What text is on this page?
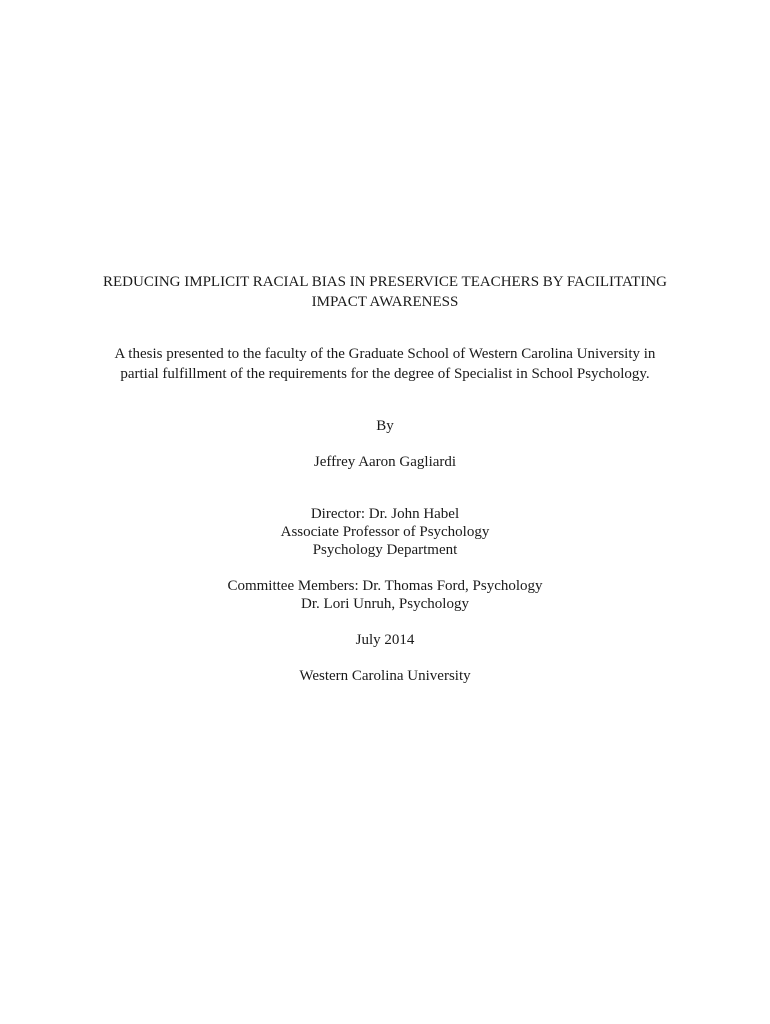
REDUCING IMPLICIT RACIAL BIAS IN PRESERVICE TEACHERS BY FACILITATING

IMPACT AWARENESS

A thesis presented to the faculty of the Graduate School of Western Carolina University in

partial fulfillment of the requirements for the degree of Specialist in School Psychology.

By

Jeffrey Aaron Gagliardi

Director: Dr. John Habel

Associate Professor of Psychology

Psychology Department

Committee Members: Dr. Thomas Ford, Psychology

Dr. Lori Unruh, Psychology

July 2014

Western Carolina University
